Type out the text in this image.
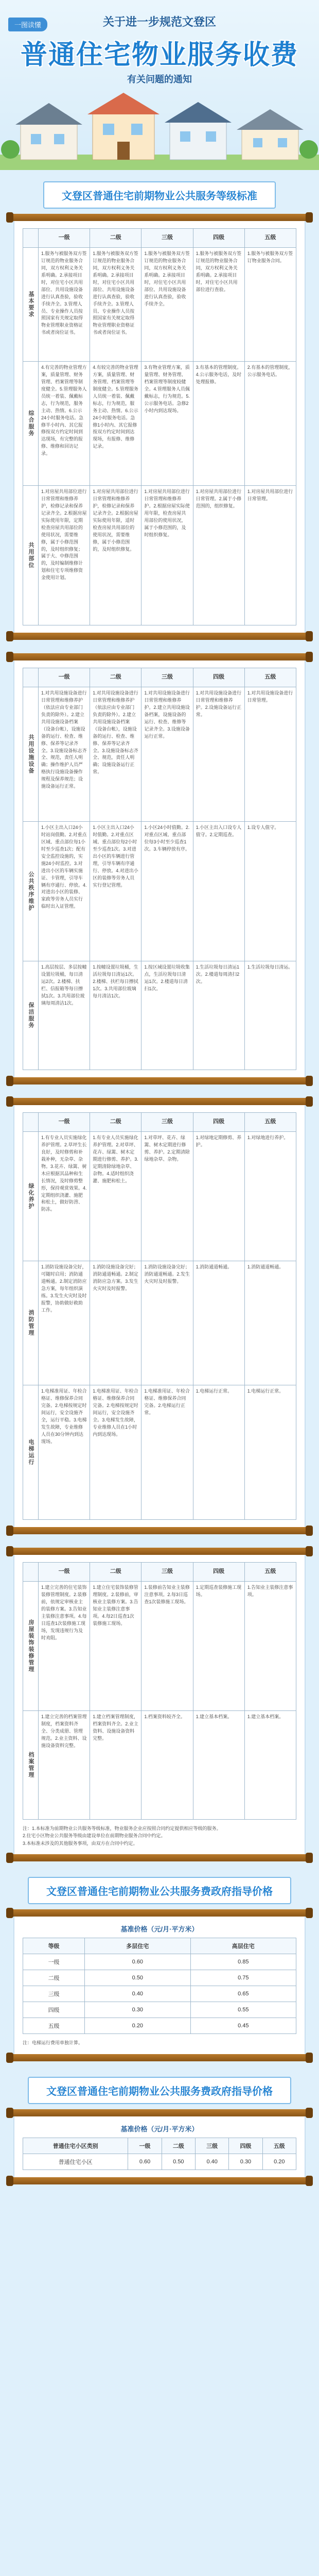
一图读懂	关于进一步规范文登区
普通住宅物业服务收费
有关问题的通知
文登区普通住宅前期物业公共服务等级标准
	一级	二级	三级	四级	五级
基本要求	1.服务与被服务双方签订规范的物业服务合同，双方权利义务关系明确。2.承接项目时，对住宅小区共用部位、共用设施设备进行认真查验，验收手续齐全。3.管理人员、专业操作人员按照国家有关规定取得物业管理职业资格证书或者岗位证书。	1.服务与被服务双方签订规范的物业服务合同，双方权利义务关系明确。2.承接项目时，对住宅小区共用部位、共用设施设备进行认真查验，验收手续齐全。3.管理人员、专业操作人员按照国家有关规定取得物业管理职业资格证书或者岗位证书。	1.服务与被服务双方签订规范的物业服务合同，双方权利义务关系明确。2.承接项目时，对住宅小区共用部位、共用设施设备进行认真查验，验收手续齐全。	1.服务与被服务双方签订规范的物业服务合同，双方权利义务关系明确。2.承接项目时，对住宅小区共用部位进行查验。	1.服务与被服务双方签订物业服务合同。
综合服务	4.有完善的物业管理方案，质量管理、财务管理、档案管理等制度健全。5.管理服务人员统一着装、佩戴标志，行为规范，服务主动、热情。6.公示24小时服务电话。急修半小时内、其它报修按双方约定时间到达现场，有完整的报修、维修和回访记录。	4.有较完善的物业管理方案，质量管理、财务管理、档案管理等制度健全。5.管理服务人员统一着装、佩戴标志，行为规范，服务主动、热情。6.公示24小时服务电话。急修1小时内、其它报修按双方约定时间到达现场，有报修、维修记录。	3.有物业管理方案，质量管理、财务管理、档案管理等制度较健全。4.管理服务人员佩戴标志，行为规范。5.公示服务电话。急修2小时内到达现场。	3.有基本的管理制度。4.公示服务电话，及时处理报修。	2.有基本的管理制度，公示服务电话。
共用部位	1.对房屋共用部位进行日常管理和维修养护，检修记录和保养记录齐全。2.根据房屋实际使用年限，定期检查房屋共用部位的使用状况，需要维修，属于小修范围的，及时组织修复；属于大、中修范围的，及时编制维修计划和住宅专项维修资金使用计划。	1.对房屋共用部位进行日常管理和维修养护，检修记录和保养记录齐全。2.根据房屋实际使用年限，适时检查房屋共用部位的使用状况，需要维修，属于小修范围的，及时组织修复。	1.对房屋共用部位进行日常管理和维修养护。2.根据房屋实际使用年限，检查房屋共用部位的使用状况，属于小修范围的，及时组织修复。	1.对房屋共用部位进行日常管理。2.属于小修范围的，组织修复。	1.对房屋共用部位进行日常管理。
	一级	二级	三级	四级	五级
共用设施设备	1.对共用设施设备进行日常管理和维修养护（依法应由专业部门负责的除外）。2.建立共用设施设备档案（设备台帐），设施设备的运行、检查、维修、保养等记录齐全。3.设施设备标志齐全、规范，责任人明确；操作维护人员严格执行设施设备操作规程及保养规范；设施设备运行正常。	1.对共用设施设备进行日常管理和维修养护（依法应由专业部门负责的除外）。2.建立共用设施设备档案（设备台帐），设施设备的运行、检查、维修、保养等记录齐全。3.设施设备标志齐全、规范，责任人明确；设施设备运行正常。	1.对共用设施设备进行日常管理和维修养护。2.建立共用设施设备档案，设施设备的运行、检查、维修等记录齐全。3.设施设备运行正常。	1.对共用设施设备进行日常管理和维修养护。2.设施设备运行正常。	1.对共用设施设备进行日常管理。
公共秩序维护	1.小区主出入口24小时站岗值勤。2.对重点区域、重点部位每1小时至少巡查1次；配有安全监控设施的，实施24小时监控。3.对进出小区的车辆实施证、卡管理，引导车辆有序通行、停放。4.对进出小区的装修、家政等劳务人员实行临时出入证管理。	1.小区主出入口24小时值勤。2.对重点区域、重点部位每2小时至少巡查1次。3.对进出小区的车辆进行管理，引导车辆有序通行、停放。4.对进出小区的装修等劳务人员实行登记管理。	1.小区24小时值勤。2.对重点区域、重点部位每3小时至少巡查1次。3.车辆停放有序。	1.小区主出入口设专人值守。2.定期巡查。	1.设专人值守。
保洁服务	1.高层按层、多层按幢设置垃圾桶，每日清运2次。2.楼梯、扶栏、信报箱等每日擦拭1次。3.共用部位玻璃每周清洁1次。	1.按幢设置垃圾桶，生活垃圾每日清运1次。2.楼梯、扶栏每日擦拭1次。3.共用部位玻璃每月清洁1次。	1.按区域设置垃圾收集点，生活垃圾每日清运1次。2.楼道每日清扫1次。	1.生活垃圾每日清运1次。2.楼道每周清扫2次。	1.生活垃圾每日清运。
	一级	二级	三级	四级	五级
绿化养护	1.有专业人员实施绿化养护管理。2.草坪生长良好，及时修剪和补栽补种，无杂草、杂物。3.花卉、绿篱、树木应根据其品种和生长情况，及时修剪整形，保持观赏效果。4.定期组织浇灌、施肥和松土，做好防涝、防冻。	1.有专业人员实施绿化养护管理。2.对草坪、花卉、绿篱、树木定期进行修剪、养护。3.定期清除绿地杂草、杂物。4.适时组织浇灌、施肥和松土。	1.对草坪、花卉、绿篱、树木定期进行修剪、养护。2.定期清除绿地杂草、杂物。	1.对绿地定期修剪、养护。	1.对绿地进行养护。
消防管理	1.消防设施设备完好，可随时启用；消防通道畅通。2.制定消防应急方案，每年组织演练。3.发生火灾时及时报警，协助做好救助工作。	1.消防设施设备完好；消防通道畅通。2.制定消防应急方案。3.发生火灾时及时报警。	1.消防设施设备完好；消防通道畅通。2.发生火灾时及时报警。	1.消防通道畅通。	1.消防通道畅通。
电梯运行	1.电梯准用证、年检合格证、维修保养合同完备。2.电梯按规定时间运行，安全设施齐全，运行平稳。3.电梯发生故障，专业维修人员在30分钟内到达现场。	1.电梯准用证、年检合格证、维修保养合同完备。2.电梯按规定时间运行，安全设施齐全。3.电梯发生故障，专业维修人员在1小时内到达现场。	1.电梯准用证、年检合格证、维修保养合同完备。2.电梯运行正常。	1.电梯运行正常。	1.电梯运行正常。
	一级	二级	三级	四级	五级
房屋装饰装修管理	1.建立完善的住宅装饰装修管理制度。2.装修前，依规定审核业主的装修方案。3.告知业主装修注意事项。4.每日巡查1次装修施工现场，发现违规行为及时劝阻。	1.建立住宅装饰装修管理制度。2.装修前，审核业主装修方案。3.告知业主装修注意事项。4.每2日巡查1次装修施工现场。	1.装修前告知业主装修注意事项。2.每3日巡查1次装修施工现场。	1.定期巡查装修施工现场。	1.告知业主装修注意事项。
档案管理	1.建立完善的档案管理制度，档案资料齐全、分类成册、管理规范。2.业主资料、设施设备资料完整。	1.建立档案管理制度，档案资料齐全。2.业主资料、设施设备资料完整。	1.档案资料较齐全。	1.建立基本档案。	1.建立基本档案。
注：1.本标准为前期物业公共服务等级标准，物业服务企业应按照合同约定提供相应等级的服务。
2.住宅小区物业公共服务等级由建设单位在前期物业服务合同中约定。
3.本标准未涉及的其他服务事项，由双方在合同中约定。
文登区普通住宅前期物业公共服务费政府指导价格
基准价格（元/月·平方米）
等级	多层住宅	高层住宅
一级	0.60	0.85
二级	0.50	0.75
三级	0.40	0.65
四级	0.30	0.55
五级	0.20	0.45
注：电梯运行费用单独计算。
文登区普通住宅前期物业公共服务费政府指导价格
基准价格（元/月·平方米）
普通住宅小区类别	一级	二级	三级	四级	五级
普通住宅小区	0.60	0.50	0.40	0.30	0.20
